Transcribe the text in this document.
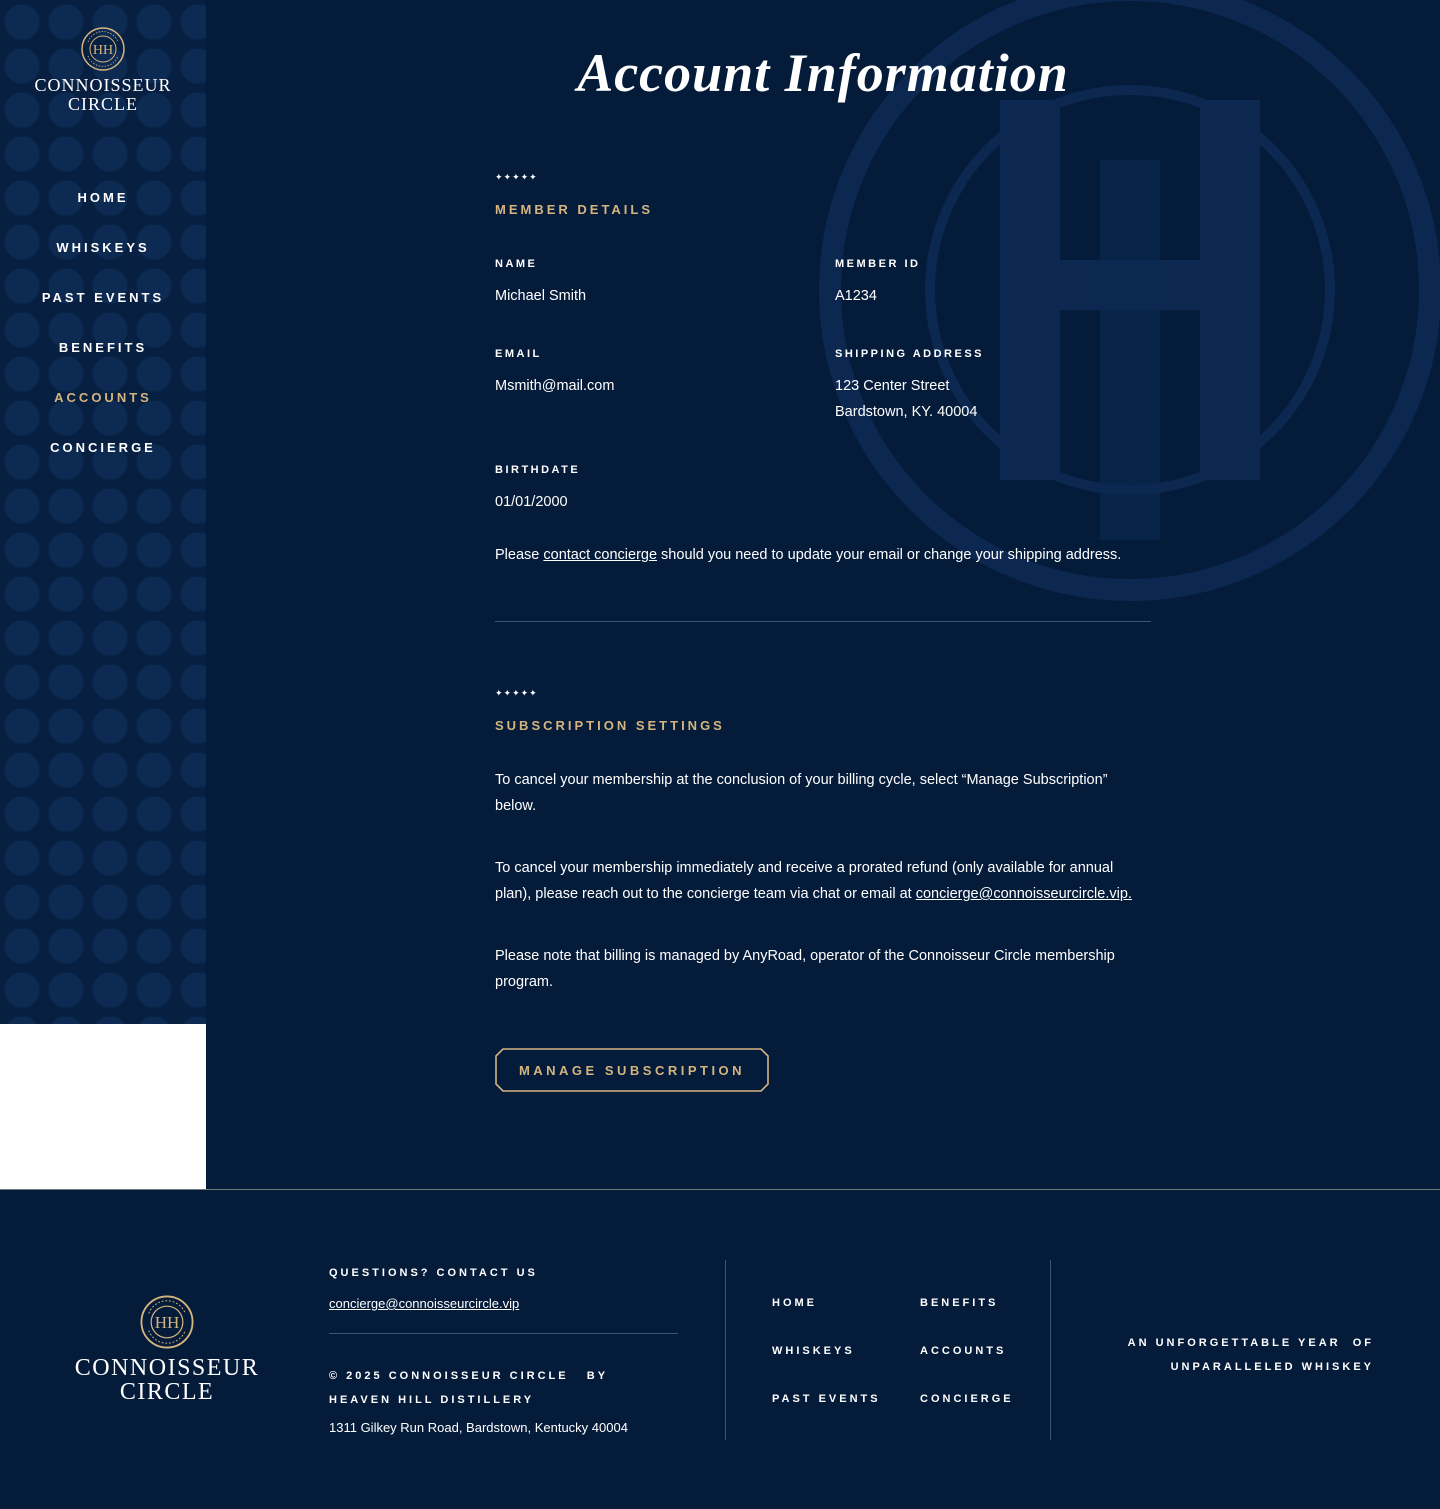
HH
CONNOISSEUR
CIRCLE
HOME
WHISKEYS
PAST EVENTS
BENEFITS
ACCOUNTS
CONCIERGE
Account Information
✦✦✦✦✦
MEMBER DETAILS
NAME
Michael Smith
MEMBER ID
A1234
EMAIL
Msmith@mail.com
SHIPPING ADDRESS
123 Center Street
Bardstown, KY. 40004
BIRTHDATE
01/01/2000

Please contact concierge should you need to update your email or change your shipping address.

✦✦✦✦✦
SUBSCRIPTION SETTINGS

To cancel your membership at the conclusion of your billing cycle, select “Manage Subscription” below.

To cancel your membership immediately and receive a prorated refund (only available for annual plan), please reach out to the concierge team via chat or email at concierge@connoisseurcircle.vip.

Please note that billing is managed by AnyRoad, operator of the Connoisseur Circle membership program.

MANAGE SUBSCRIPTION
HH
CONNOISSEUR
CIRCLE
QUESTIONS? CONTACT US
concierge@connoisseurcircle.vip
© 2025 CONNOISSEUR CIRCLE   BY
HEAVEN HILL DISTILLERY
1311 Gilkey Run Road, Bardstown, Kentucky 40004
HOME
WHISKEYS
PAST EVENTS
BENEFITS
ACCOUNTS
CONCIERGE
AN UNFORGETTABLE YEAR  OF
UNPARALLELED WHISKEY
